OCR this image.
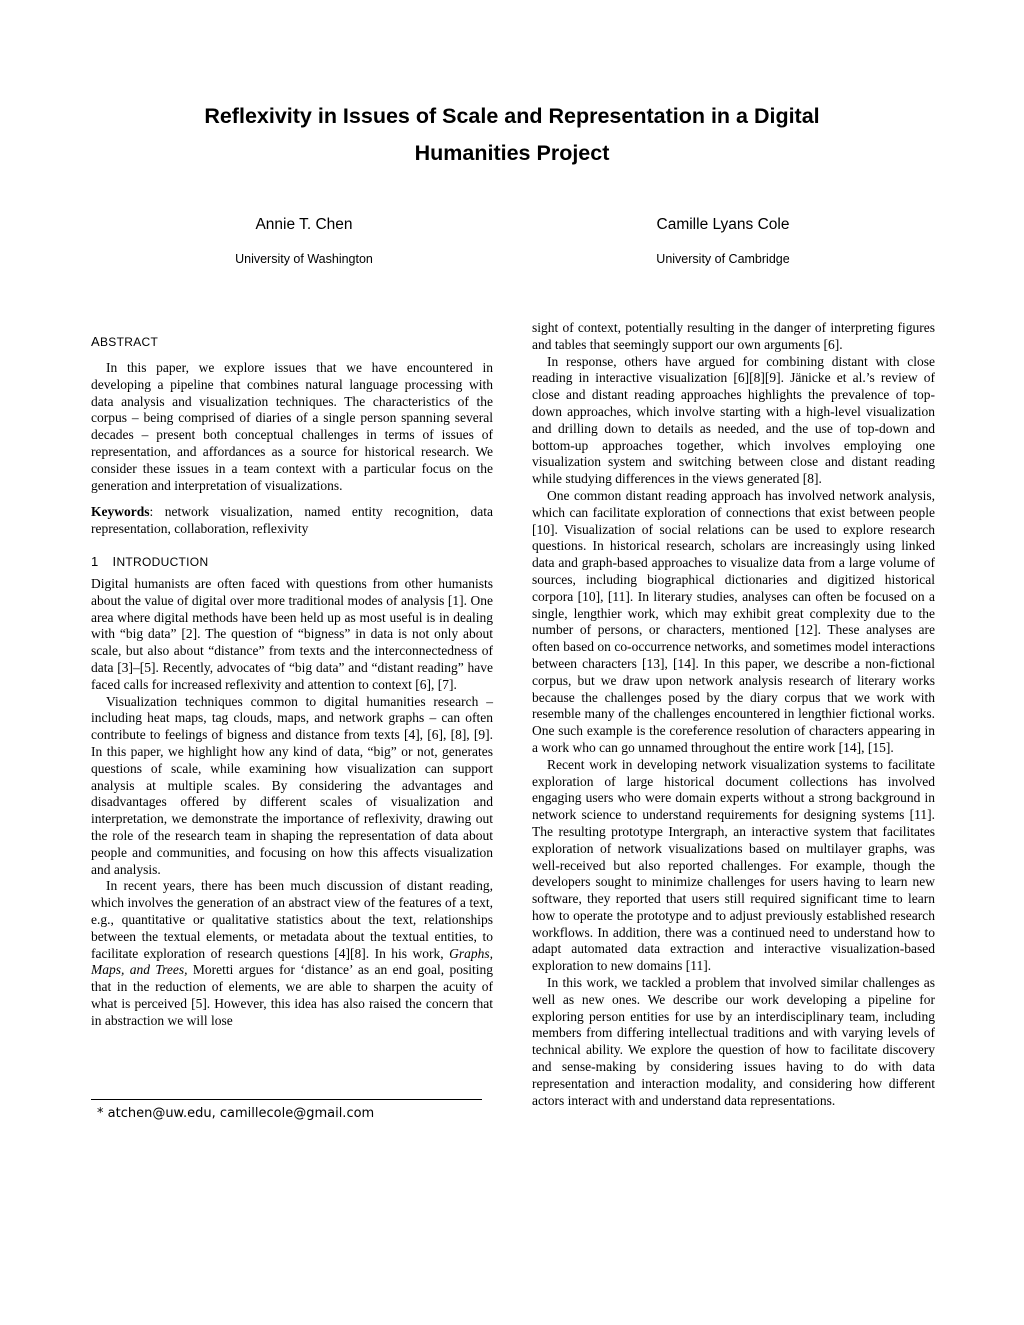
Reflexivity in Issues of Scale and Representation in a Digital
Humanities Project
Annie T. Chen
University of Washington
Camille Lyans Cole
University of Cambridge
ABSTRACT

In this paper, we explore issues that we have encountered in developing a pipeline that combines natural language processing with data analysis and visualization techniques. The characteristics of the corpus – being comprised of diaries of a single person spanning several decades – present both conceptual challenges in terms of issues of representation, and affordances as a source for historical research. We consider these issues in a team context with a particular focus on the generation and interpretation of visualizations.

Keywords: network visualization, named entity recognition, data representation, collaboration, reflexivity

1 INTRODUCTION

Digital humanists are often faced with questions from other humanists about the value of digital over more traditional modes of analysis [1]. One area where digital methods have been held up as most useful is in dealing with “big data” [2]. The question of “bigness” in data is not only about scale, but also about “distance” from texts and the interconnectedness of data [3]–[5]. Recently, advocates of “big data” and “distant reading” have faced calls for increased reflexivity and attention to context [6], [7].

Visualization techniques common to digital humanities research – including heat maps, tag clouds, maps, and network graphs – can often contribute to feelings of bigness and distance from texts [4], [6], [8], [9]. In this paper, we highlight how any kind of data, “big” or not, generates questions of scale, while examining how visualization can support analysis at multiple scales. By considering the advantages and disadvantages offered by different scales of visualization and interpretation, we demonstrate the importance of reflexivity, drawing out the role of the research team in shaping the representation of data about people and communities, and focusing on how this affects visualization and analysis.

In recent years, there has been much discussion of distant reading, which involves the generation of an abstract view of the features of a text, e.g., quantitative or qualitative statistics about the text, relationships between the textual elements, or metadata about the textual entities, to facilitate exploration of research questions [4][8]. In his work, Graphs, Maps, and Trees, Moretti argues for ‘distance’ as an end goal, positing that in the reduction of elements, we are able to sharpen the acuity of what is perceived [5]. However, this idea has also raised the concern that in abstraction we will lose

* atchen@uw.edu, camillecole@gmail.com

sight of context, potentially resulting in the danger of interpreting figures and tables that seemingly support our own arguments [6].

In response, others have argued for combining distant with close reading in interactive visualization [6][8][9]. Jänicke et al.’s review of close and distant reading approaches highlights the prevalence of top-down approaches, which involve starting with a high-level visualization and drilling down to details as needed, and the use of top-down and bottom-up approaches together, which involves employing one visualization system and switching between close and distant reading while studying differences in the views generated [8].

One common distant reading approach has involved network analysis, which can facilitate exploration of connections that exist between people [10]. Visualization of social relations can be used to explore research questions. In historical research, scholars are increasingly using linked data and graph-based approaches to visualize data from a large volume of sources, including biographical dictionaries and digitized historical corpora [10], [11]. In literary studies, analyses can often be focused on a single, lengthier work, which may exhibit great complexity due to the number of persons, or characters, mentioned [12]. These analyses are often based on co-occurrence networks, and sometimes model interactions between characters [13], [14]. In this paper, we describe a non-fictional corpus, but we draw upon network analysis research of literary works because the challenges posed by the diary corpus that we work with resemble many of the challenges encountered in lengthier fictional works. One such example is the coreference resolution of characters appearing in a work who can go unnamed throughout the entire work [14], [15].

Recent work in developing network visualization systems to facilitate exploration of large historical document collections has involved engaging users who were domain experts without a strong background in network science to understand requirements for designing systems [11]. The resulting prototype Intergraph, an interactive system that facilitates exploration of network visualizations based on multilayer graphs, was well-received but also reported challenges. For example, though the developers sought to minimize challenges for users having to learn new software, they reported that users still required significant time to learn how to operate the prototype and to adjust previously established research workflows. In addition, there was a continued need to understand how to adapt automated data extraction and interactive visualization-based exploration to new domains [11].

In this work, we tackled a problem that involved similar challenges as well as new ones. We describe our work developing a pipeline for exploring person entities for use by an interdisciplinary team, including members from differing intellectual traditions and with varying levels of technical ability. We explore the question of how to facilitate discovery and sense-making by considering issues having to do with data representation and interaction modality, and considering how different actors interact with and understand data representations.
